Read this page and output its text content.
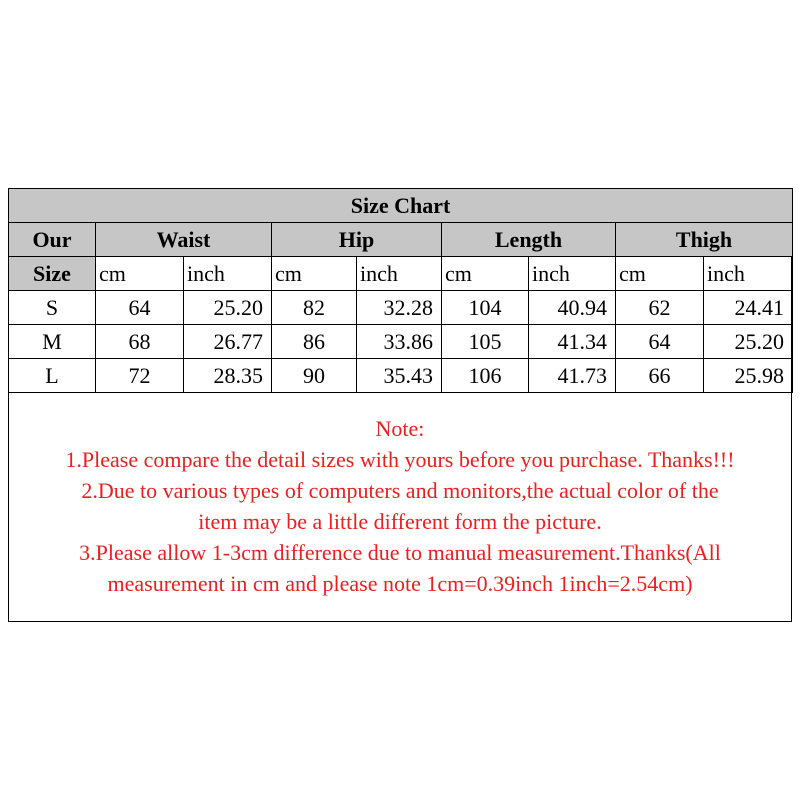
Size Chart								
Our	Waist		Hip		Length		Thigh	
Size	cm	inch	cm	inch	cm	inch	cm	inch
S	64	25.20	82	32.28	104	40.94	62	24.41
M	68	26.77	86	33.86	105	41.34	64	25.20
L	72	28.35	90	35.43	106	41.73	66	25.98
Note:
1.Please compare the detail sizes with yours before you purchase. Thanks!!!
2.Due to various types of computers and monitors,the actual color of the
item may be a little different form the picture.
3.Please allow 1-3cm difference due to manual measurement.Thanks(All
measurement in cm and please note 1cm=0.39inch 1inch=2.54cm)
